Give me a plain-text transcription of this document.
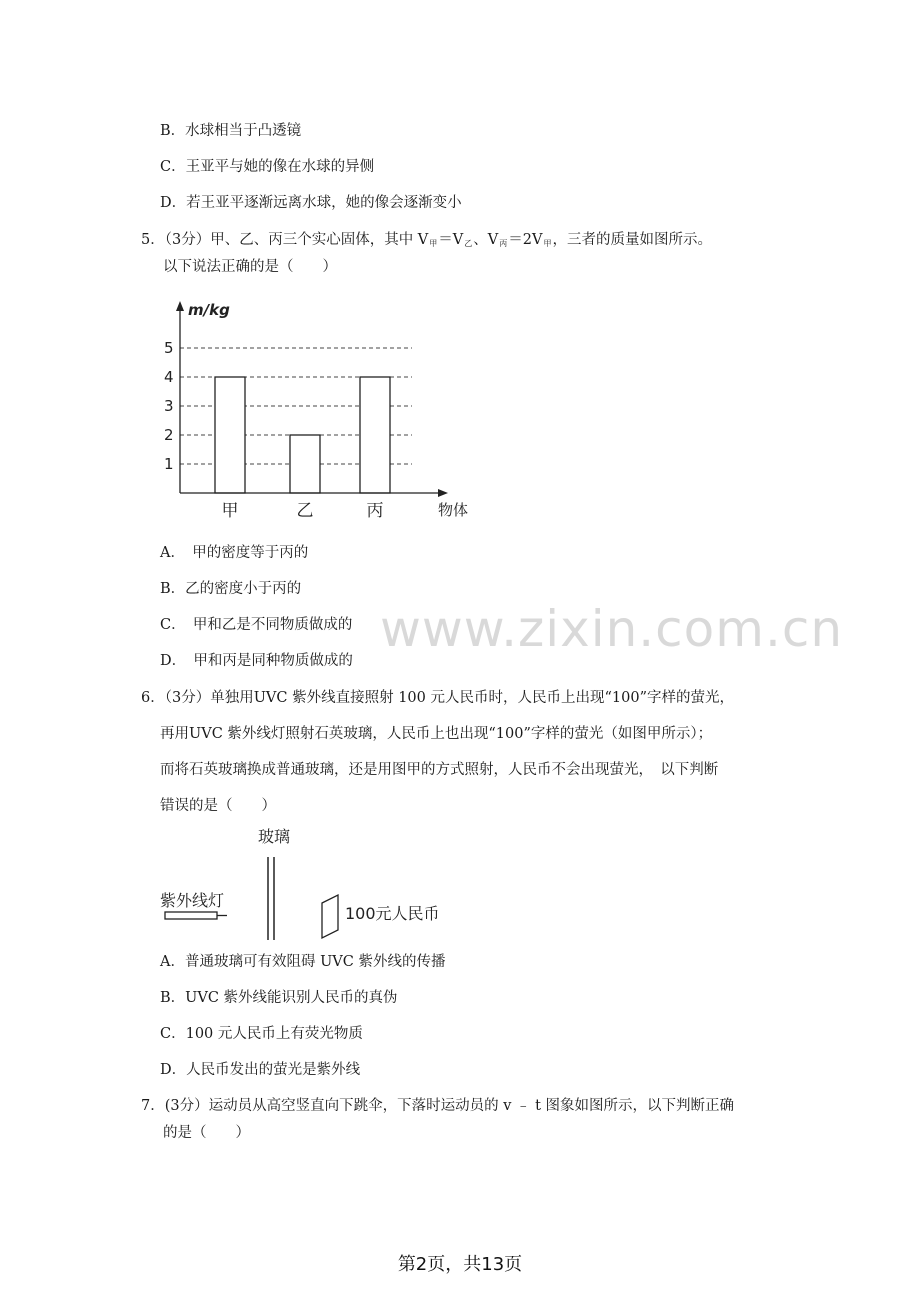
www.zixin.com.cn
B．水球相当于凸透镜
C．王亚平与她的像在水球的异侧
D．若王亚平逐渐远离水球，她的像会逐渐变小
5．（3分）甲、乙、丙三个实心固体，其中 $V_甲=V_乙$、$V_丙=2V_甲$，三者的质量如图所示。
以下说法正确的是（　　）
1
2
3
4
5
甲	乙	丙
m/kg
物体
A．　甲的密度等于丙的
B．乙的密度小于丙的
C．　甲和乙是不同物质做成的
D．　甲和丙是同种物质做成的
6．（3分）单独用UVC 紫外线直接照射 100 元人民币时，人民币上出现“100”字样的萤光，
再用UVC 紫外线灯照射石英玻璃，人民币上也出现“100”字样的萤光（如图甲所示）；
而将石英玻璃换成普通玻璃，还是用图甲的方式照射，人民币不会出现萤光，　以下判断
错误的是（　　）
玻璃
紫外线灯
100元人民币
A．普通玻璃可有效阻碍 UVC 紫外线的传播
B．UVC 紫外线能识别人民币的真伪
C．100 元人民币上有荧光物质
D．人民币发出的萤光是紫外线
7．(3分）运动员从高空竖直向下跳伞，下落时运动员的 v ﹣ t 图象如图所示，以下判断正确
的是（　　）
第2页，共13页
